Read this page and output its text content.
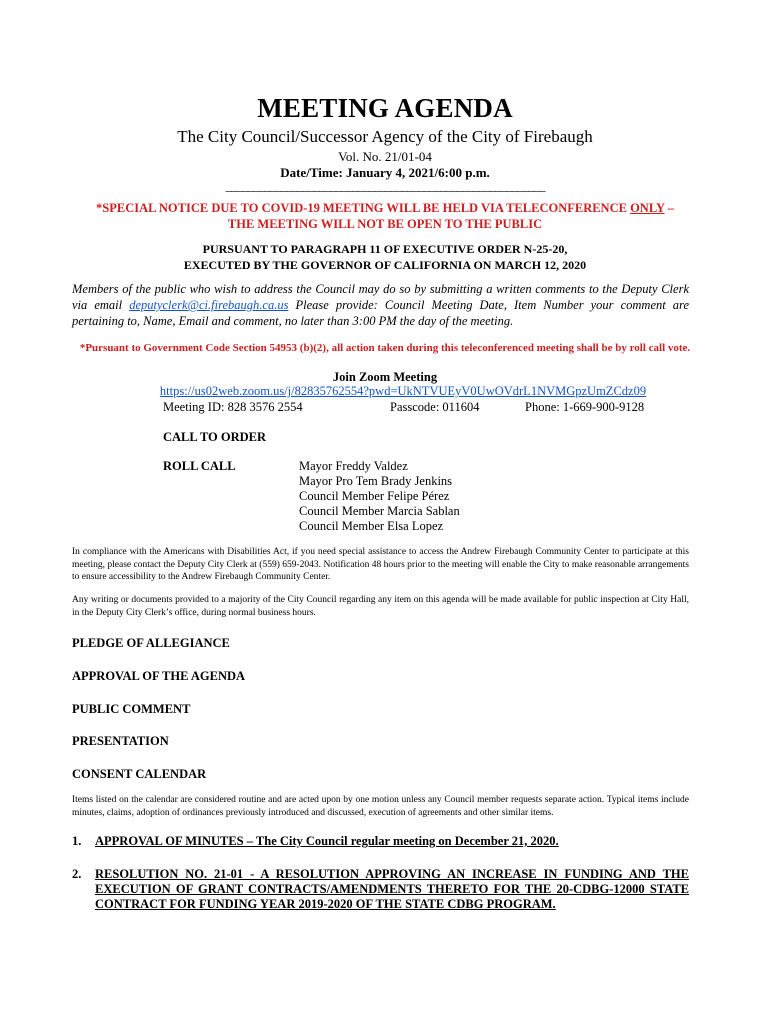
MEETING AGENDA
The City Council/Successor Agency of the City of Firebaugh
Vol. No. 21/01-04
Date/Time: January 4, 2021/6:00 p.m.
__________________________________________________________
*SPECIAL NOTICE DUE TO COVID-19 MEETING WILL BE HELD VIA TELECONFERENCE ONLY –
THE MEETING WILL NOT BE OPEN TO THE PUBLIC
PURSUANT TO PARAGRAPH 11 OF EXECUTIVE ORDER N-25-20,
EXECUTED BY THE GOVERNOR OF CALIFORNIA ON MARCH 12, 2020
Members of the public who wish to address the Council may do so by submitting a written comments to the Deputy Clerk via email deputyclerk@ci.firebaugh.ca.us Please provide: Council Meeting Date, Item Number your comment are pertaining to, Name, Email and comment, no later than 3:00 PM the day of the meeting.
*Pursuant to Government Code Section 54953 (b)(2), all action taken during this teleconferenced meeting shall be by roll call vote.
Join Zoom Meeting
https://us02web.zoom.us/j/82835762554?pwd=UkNTVUEyV0UwOVdrL1NVMGpzUmZCdz09
Meeting ID: 828 3576 2554	Passcode: 011604	Phone: 1-669-900-9128
CALL TO ORDER
ROLL CALL	Mayor Freddy Valdez
Mayor Pro Tem Brady Jenkins
Council Member Felipe Pérez
Council Member Marcia Sablan
Council Member Elsa Lopez
In compliance with the Americans with Disabilities Act, if you need special assistance to access the Andrew Firebaugh Community Center to participate at this meeting, please contact the Deputy City Clerk at (559) 659-2043. Notification 48 hours prior to the meeting will enable the City to make reasonable arrangements to ensure accessibility to the Andrew Firebaugh Community Center.
Any writing or documents provided to a majority of the City Council regarding any item on this agenda will be made available for public inspection at City Hall, in the Deputy City Clerk’s office, during normal business hours.
PLEDGE OF ALLEGIANCE
APPROVAL OF THE AGENDA
PUBLIC COMMENT
PRESENTATION
CONSENT CALENDAR
Items listed on the calendar are considered routine and are acted upon by one motion unless any Council member requests separate action. Typical items include minutes, claims, adoption of ordinances previously introduced and discussed, execution of agreements and other similar items.
1. APPROVAL OF MINUTES – The City Council regular meeting on December 21, 2020.
2. RESOLUTION NO. 21-01 - A RESOLUTION APPROVING AN INCREASE IN FUNDING AND THE EXECUTION OF GRANT CONTRACTS/AMENDMENTS THERETO FOR THE 20-CDBG-12000 STATE CONTRACT FOR FUNDING YEAR 2019-2020 OF THE STATE CDBG PROGRAM.
